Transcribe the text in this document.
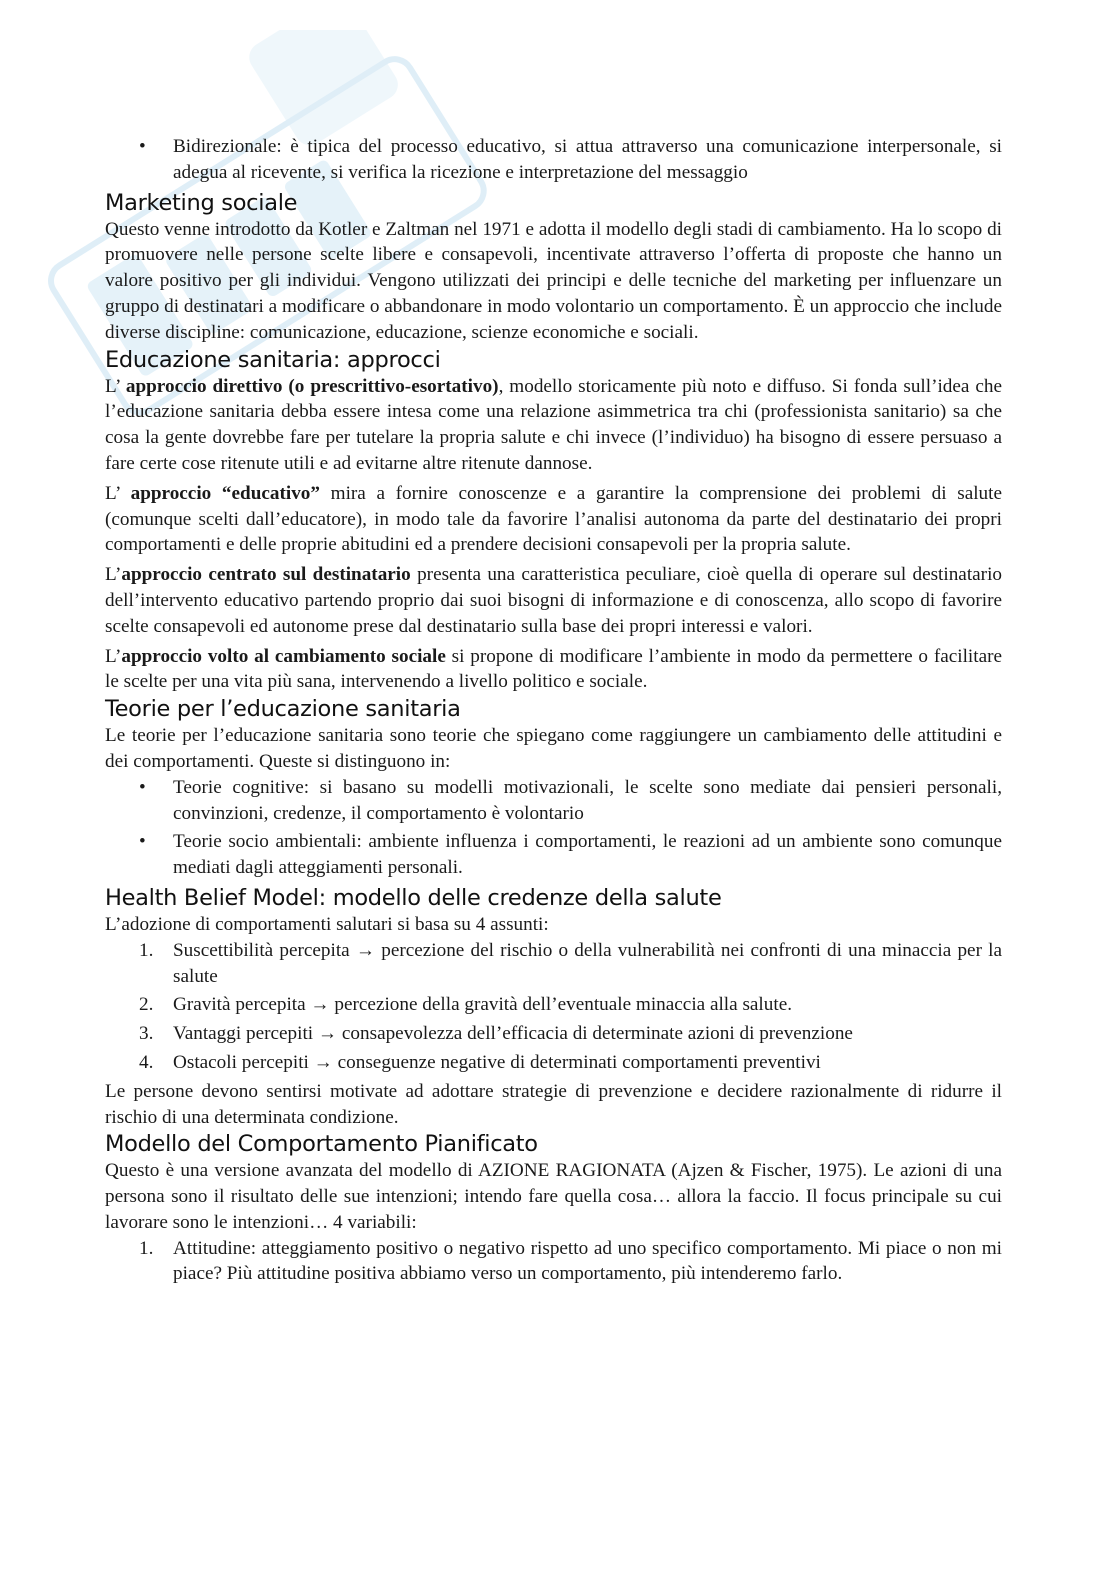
• Bidirezionale: è tipica del processo educativo, si attua attraverso una comunicazione interpersonale, si adegua al ricevente, si verifica la ricezione e interpretazione del messaggio
Marketing sociale

Questo venne introdotto da Kotler e Zaltman nel 1971 e adotta il modello degli stadi di cambiamento. Ha lo scopo di promuovere nelle persone scelte libere e consapevoli, incentivate attraverso l’offerta di proposte che hanno un valore positivo per gli individui. Vengono utilizzati dei principi e delle tecniche del marketing per influenzare un gruppo di destinatari a modificare o abbandonare in modo volontario un comportamento. È un approccio che include diverse discipline: comunicazione, educazione, scienze economiche e sociali.

Educazione sanitaria: approcci

L’ approccio direttivo (o prescrittivo-esortativo), modello storicamente più noto e diffuso. Si fonda sull’idea che l’educazione sanitaria debba essere intesa come una relazione asimmetrica tra chi (professionista sanitario) sa che cosa la gente dovrebbe fare per tutelare la propria salute e chi invece (l’individuo) ha bisogno di essere persuaso a fare certe cose ritenute utili e ad evitarne altre ritenute dannose.

L’ approccio “educativo” mira a fornire conoscenze e a garantire la comprensione dei problemi di salute (comunque scelti dall’educatore), in modo tale da favorire l’analisi autonoma da parte del destinatario dei propri comportamenti e delle proprie abitudini ed a prendere decisioni consapevoli per la propria salute.

L’approccio centrato sul destinatario presenta una caratteristica peculiare, cioè quella di operare sul destinatario dell’intervento educativo partendo proprio dai suoi bisogni di informazione e di conoscenza, allo scopo di favorire scelte consapevoli ed autonome prese dal destinatario sulla base dei propri interessi e valori.

L’approccio volto al cambiamento sociale si propone di modificare l’ambiente in modo da permettere o facilitare le scelte per una vita più sana, intervenendo a livello politico e sociale.

Teorie per l’educazione sanitaria

Le teorie per l’educazione sanitaria sono teorie che spiegano come raggiungere un cambiamento delle attitudini e dei comportamenti. Queste si distinguono in:

• Teorie cognitive: si basano su modelli motivazionali, le scelte sono mediate dai pensieri personali, convinzioni, credenze, il comportamento è volontario
• Teorie socio ambientali: ambiente influenza i comportamenti, le reazioni ad un ambiente sono comunque mediati dagli atteggiamenti personali.
Health Belief Model: modello delle credenze della salute

L’adozione di comportamenti salutari si basa su 4 assunti:

1. Suscettibilità percepita → percezione del rischio o della vulnerabilità nei confronti di una minaccia per la salute
2. Gravità percepita → percezione della gravità dell’eventuale minaccia alla salute.
3. Vantaggi percepiti → consapevolezza dell’efficacia di determinate azioni di prevenzione
4. Ostacoli percepiti → conseguenze negative di determinati comportamenti preventivi

Le persone devono sentirsi motivate ad adottare strategie di prevenzione e decidere razionalmente di ridurre il rischio di una determinata condizione.

Modello del Comportamento Pianificato

Questo è una versione avanzata del modello di AZIONE RAGIONATA (Ajzen & Fischer, 1975). Le azioni di una persona sono il risultato delle sue intenzioni; intendo fare quella cosa… allora la faccio. Il focus principale su cui lavorare sono le intenzioni… 4 variabili:

1. Attitudine: atteggiamento positivo o negativo rispetto ad uno specifico comportamento. Mi piace o non mi piace? Più attitudine positiva abbiamo verso un comportamento, più intenderemo farlo.
